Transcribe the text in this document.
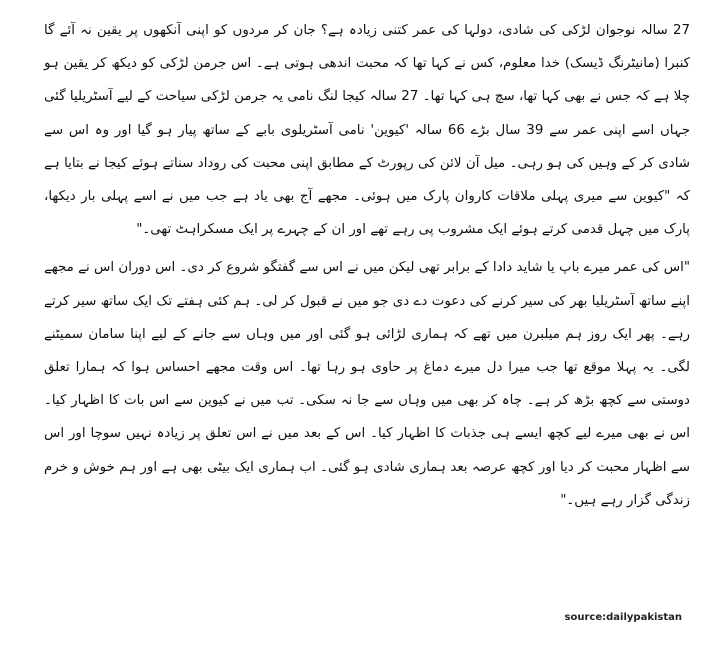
27 سالہ نوجوان لڑکی کی شادی، دولہا کی عمر کتنی زیادہ ہے؟ جان کر مردوں کو اپنی آنکھوں پر یقین نہ آئے گا کنبرا (مانیٹرنگ ڈیسک) خدا معلوم، کس نے کہا تھا کہ محبت اندھی ہوتی ہے۔ اس جرمن لڑکی کو دیکھ کر یقین ہو چلا ہے کہ جس نے بھی کہا تھا، سچ ہی کہا تھا۔ 27 سالہ کیجا لنگ نامی یہ جرمن لڑکی سیاحت کے لیے آسٹریلیا گئی جہاں اسے اپنی عمر سے 39 سال بڑے 66 سالہ 'کیوین' نامی آسٹریلوی بابے کے ساتھ پیار ہو گیا اور وہ اس سے شادی کر کے وہیں کی ہو رہی۔ میل آن لائن کی رپورٹ کے مطابق اپنی محبت کی روداد سناتے ہوئے کیجا نے بتایا ہے کہ "کیوین سے میری پہلی ملاقات کاروان پارک میں ہوئی۔ مجھے آج بھی یاد ہے جب میں نے اسے پہلی بار دیکھا، پارک میں چہل قدمی کرتے ہوئے ایک مشروب پی رہے تھے اور ان کے چہرے پر ایک مسکراہٹ تھی۔"

"اس کی عمر میرے باپ یا شاید دادا کے برابر تھی لیکن میں نے اس سے گفتگو شروع کر دی۔ اس دوران اس نے مجھے اپنے ساتھ آسٹریلیا بھر کی سیر کرنے کی دعوت دے دی جو میں نے قبول کر لی۔ ہم کئی ہفتے تک ایک ساتھ سیر کرتے رہے۔ پھر ایک روز ہم میلبرن میں تھے کہ ہماری لڑائی ہو گئی اور میں وہاں سے جانے کے لیے اپنا سامان سمیٹنے لگی۔ یہ پہلا موقع تھا جب میرا دل میرے دماغ پر حاوی ہو رہا تھا۔ اس وقت مجھے احساس ہوا کہ ہمارا تعلق دوستی سے کچھ بڑھ کر ہے۔ چاہ کر بھی میں وہاں سے جا نہ سکی۔ تب میں نے کیوین سے اس بات کا اظہار کیا۔ اس نے بھی میرے لیے کچھ ایسے ہی جذبات کا اظہار کیا۔ اس کے بعد میں نے اس تعلق پر زیادہ نہیں سوچا اور اس سے اظہار محبت کر دیا اور کچھ عرصہ بعد ہماری شادی ہو گئی۔ اب ہماری ایک بیٹی بھی ہے اور ہم خوش و خرم زندگی گزار رہے ہیں۔"

source:dailypakistan
